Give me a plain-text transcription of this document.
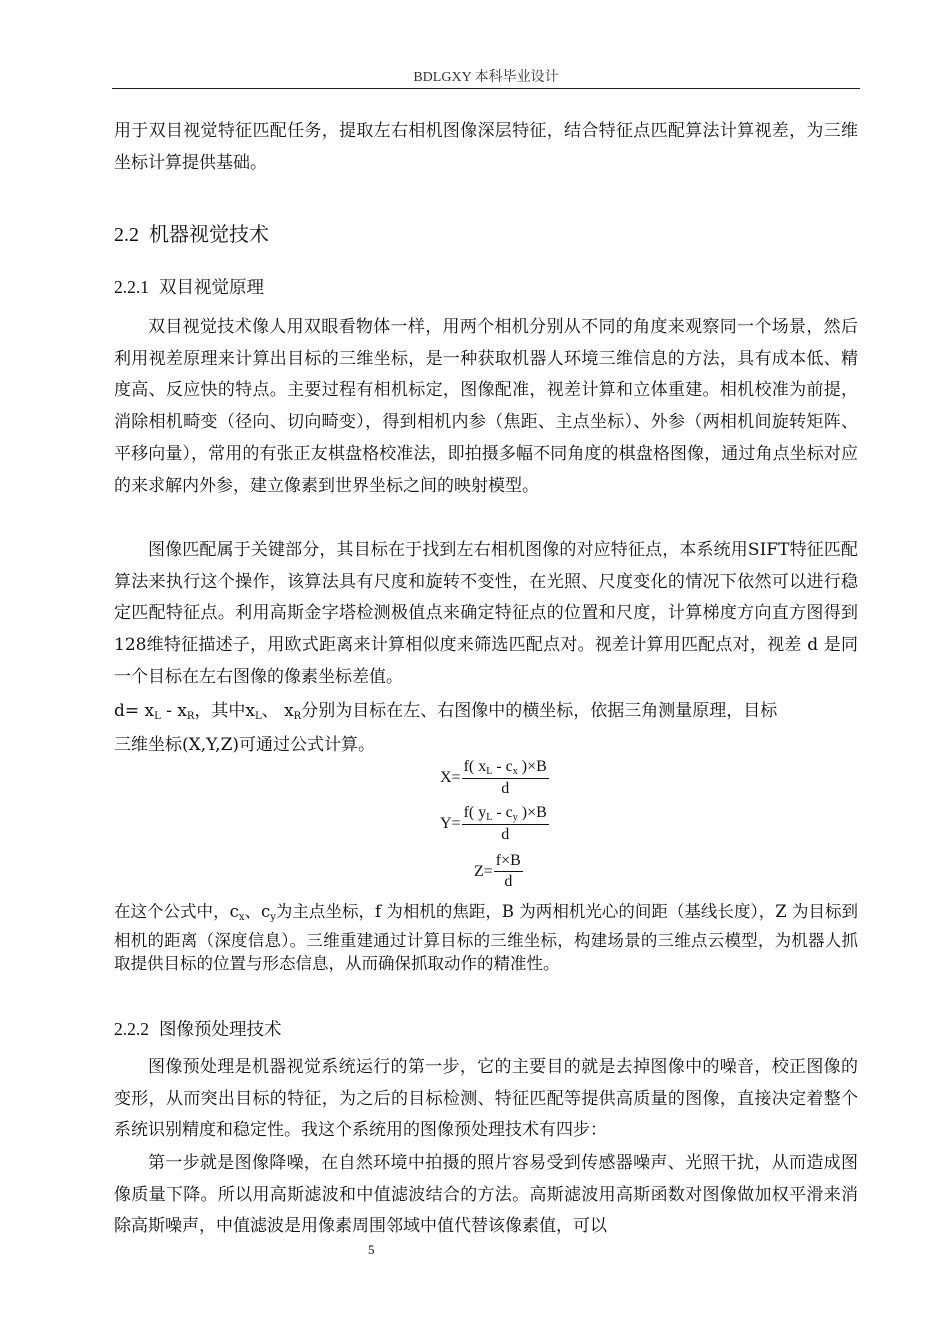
BDLGXY 本科毕业设计

用于双目视觉特征匹配任务，提取左右相机图像深层特征，结合特征点匹配算法计算视差，为三维坐标计算提供基础。

2.2 机器视觉技术
2.2.1 双目视觉原理

双目视觉技术像人用双眼看物体一样，用两个相机分别从不同的角度来观察同一个场景，然后利用视差原理来计算出目标的三维坐标，是一种获取机器人环境三维信息的方法，具有成本低、精度高、反应快的特点。主要过程有相机标定，图像配准，视差计算和立体重建。相机校准为前提，消除相机畸变（径向、切向畸变），得到相机内参（焦距、主点坐标）、外参（两相机间旋转矩阵、平移向量），常用的有张正友棋盘格校准法，即拍摄多幅不同角度的棋盘格图像，通过角点坐标对应的来求解内外参，建立像素到世界坐标之间的映射模型。

图像匹配属于关键部分，其目标在于找到左右相机图像的对应特征点，本系统用SIFT特征匹配算法来执行这个操作，该算法具有尺度和旋转不变性，在光照、尺度变化的情况下依然可以进行稳定匹配特征点。利用高斯金字塔检测极值点来确定特征点的位置和尺度，计算梯度方向直方图得到128维特征描述子，用欧式距离来计算相似度来筛选匹配点对。视差计算用匹配点对，视差 d 是同一个目标在左右图像的像素坐标差值。

$d= x_L - x_R$，其中$x_L$、 $x_R$分别为目标在左、右图像中的横坐标，依据三角测量原理，目标
三维坐标(X,Y,Z)可通过公式计算。
$X= \frac{f( x_L - c_x )\times B}{d}$
$Y= \frac{f( y_L - c_y )\times B}{d}$
$Z= \frac{f\times B}{d}$

在这个公式中，$c_x$、$c_y$为主点坐标，f 为相机的焦距，B 为两相机光心的间距（基线长度），Z 为目标到相机的距离（深度信息）。三维重建通过计算目标的三维坐标，构建场景的三维点云模型，为机器人抓取提供目标的位置与形态信息，从而确保抓取动作的精准性。

2.2.2 图像预处理技术

图像预处理是机器视觉系统运行的第一步，它的主要目的就是去掉图像中的噪音，校正图像的变形，从而突出目标的特征，为之后的目标检测、特征匹配等提供高质量的图像，直接决定着整个系统识别精度和稳定性。我这个系统用的图像预处理技术有四步：

第一步就是图像降噪，在自然环境中拍摄的照片容易受到传感器噪声、光照干扰，从而造成图像质量下降。所以用高斯滤波和中值滤波结合的方法。高斯滤波用高斯函数对图像做加权平滑来消除高斯噪声，中值滤波是用像素周围邻域中值代替该像素值，可以

5
